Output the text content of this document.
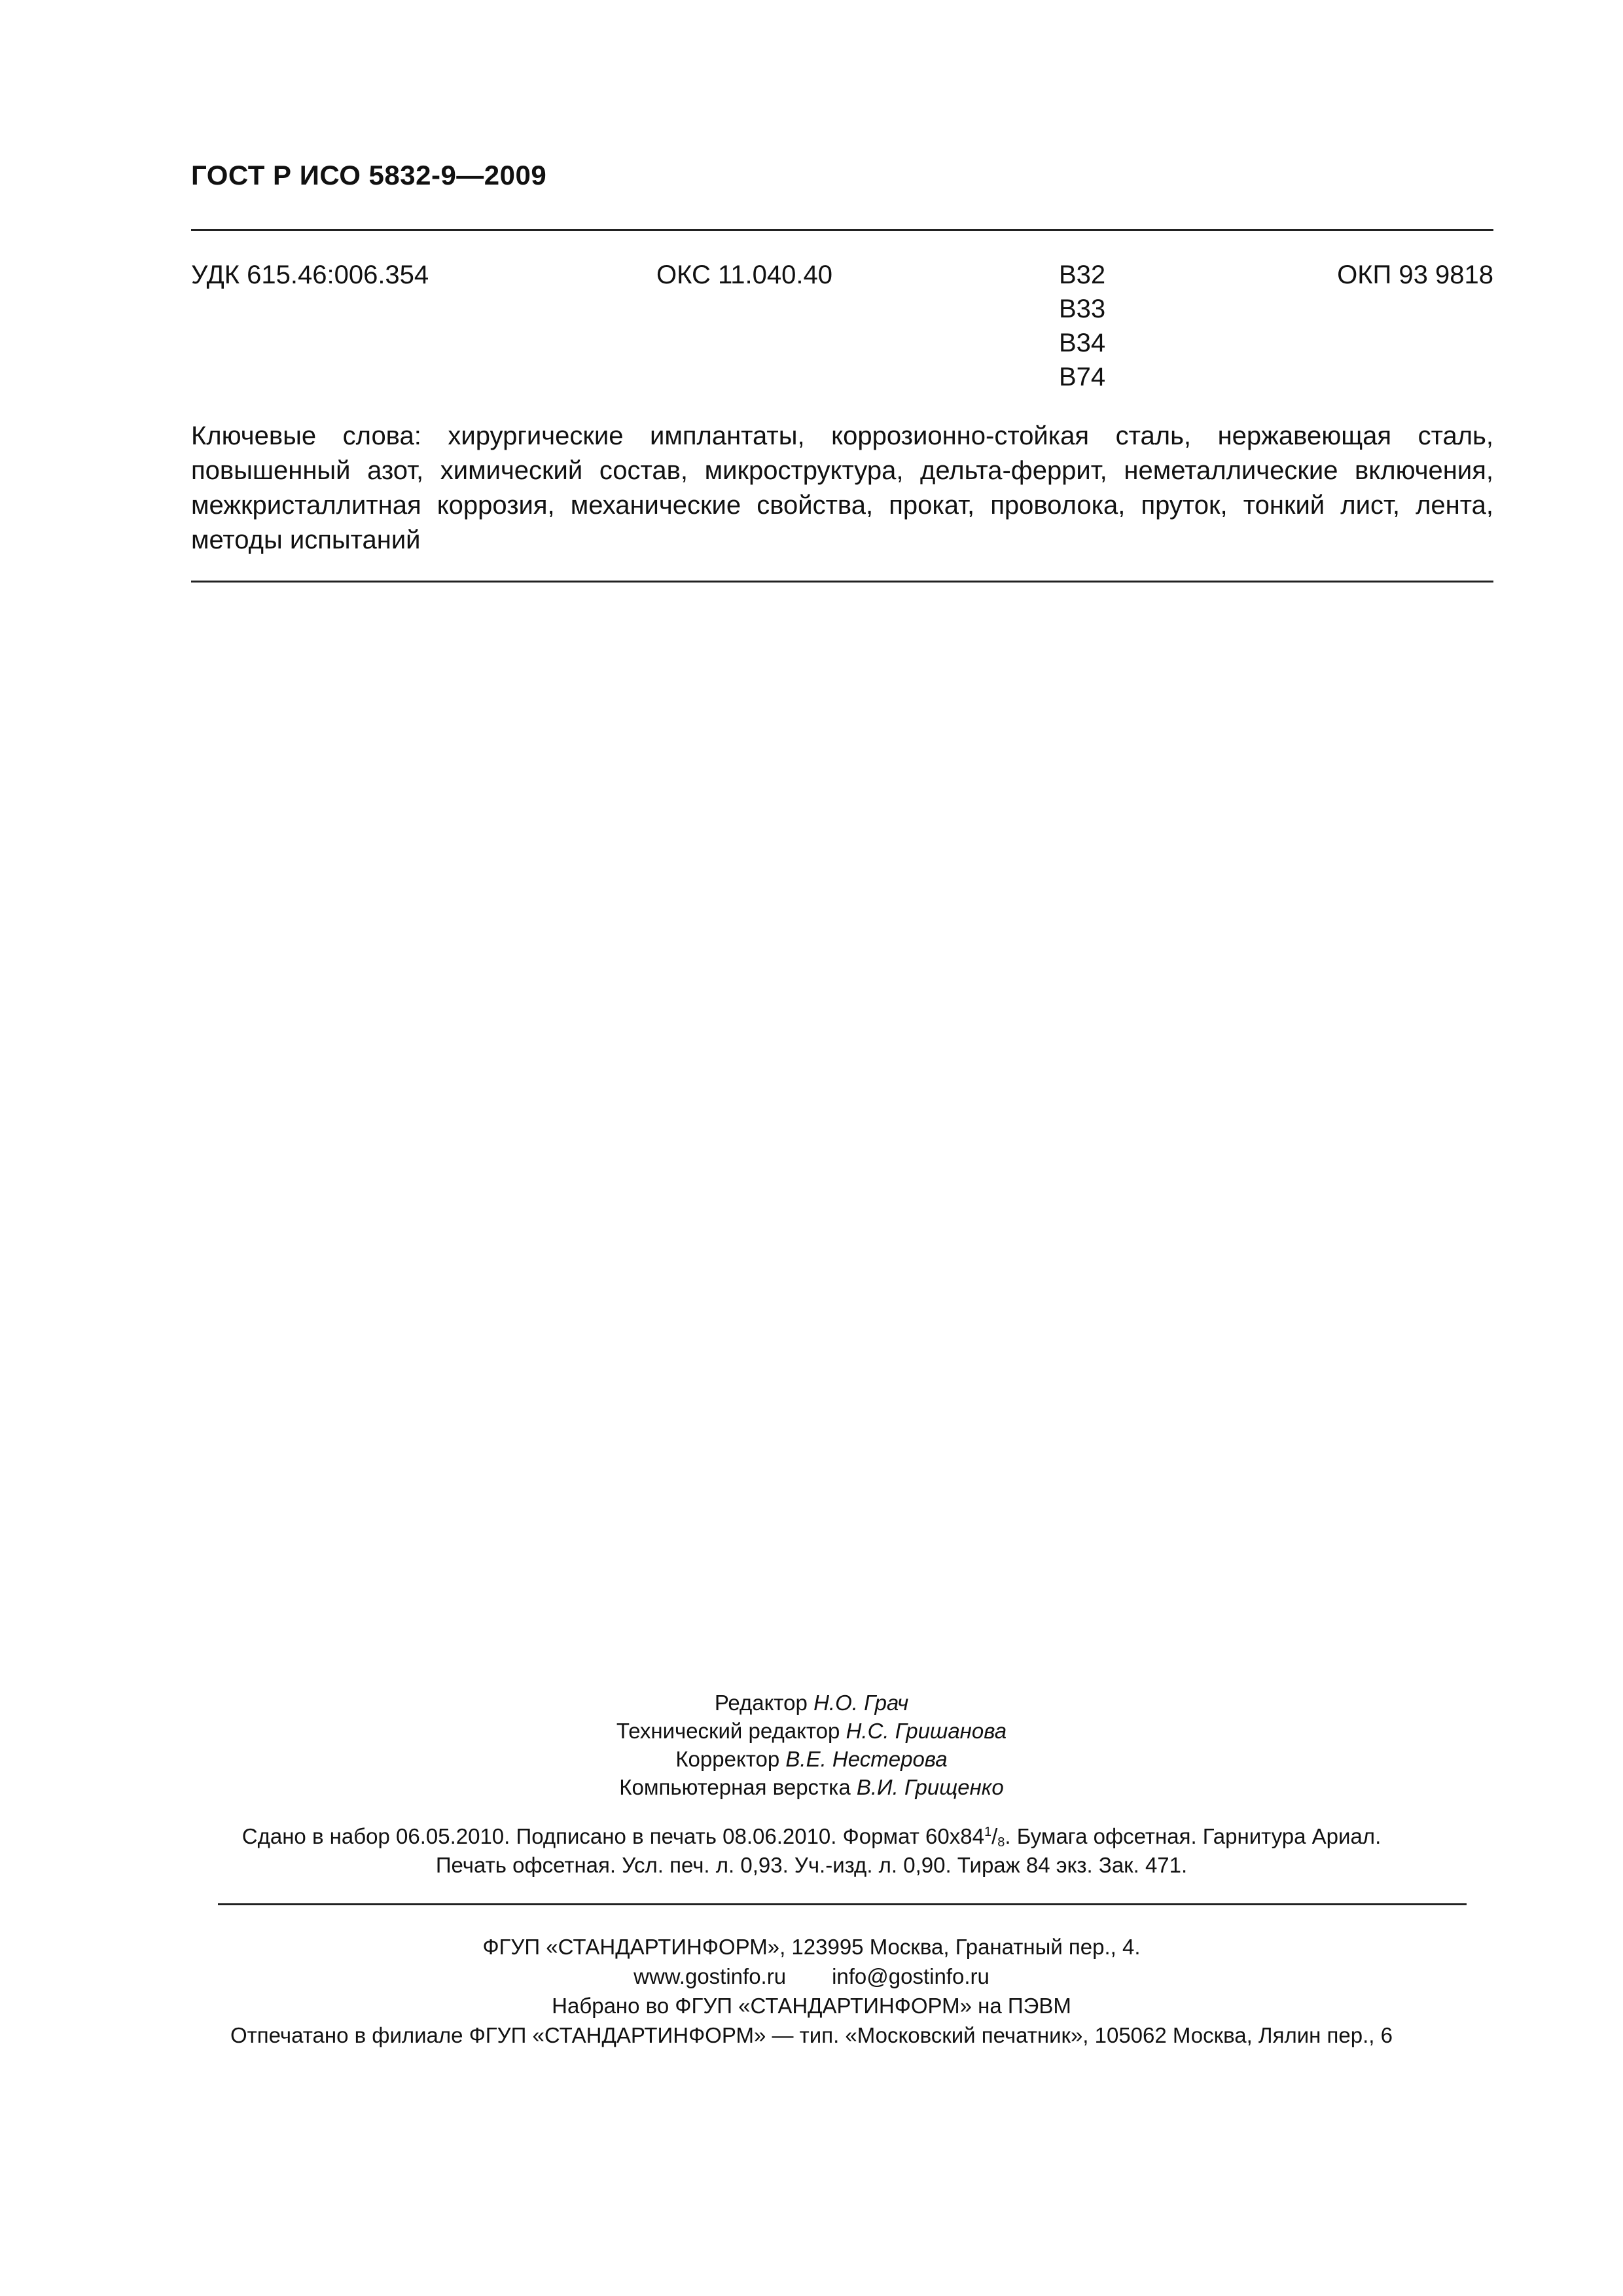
ГОСТ Р ИСО 5832-9—2009
УДК 615.46:006.354	ОКС 11.040.40	В32
В33
В34
В74
ОКП 93 9818
Ключевые слова: хирургические имплантаты, коррозионно-стойкая сталь, нержавеющая сталь, повышенный азот, химический состав, микроструктура, дельта-феррит, неметаллические включения, межкристаллитная коррозия, механические свойства, прокат, проволока, пруток, тонкий лист, лента, методы испытаний
Редактор Н.О. Грач
Технический редактор Н.С. Гришанова
Корректор В.Е. Нестерова
Компьютерная верстка В.И. Грищенко
Сдано в набор 06.05.2010. Подписано в печать 08.06.2010. Формат $60х84^1/_8$. Бумага офсетная. Гарнитура Ариал.
Печать офсетная. Усл. печ. л. 0,93. Уч.-изд. л. 0,90. Тираж 84 экз. Зак. 471.
ФГУП «СТАНДАРТИНФОРМ», 123995 Москва, Гранатный пер., 4.
www.gostinfo.ru info@gostinfo.ru
Набрано во ФГУП «СТАНДАРТИНФОРМ» на ПЭВМ
Отпечатано в филиале ФГУП «СТАНДАРТИНФОРМ» — тип. «Московский печатник», 105062 Москва, Лялин пер., 6
